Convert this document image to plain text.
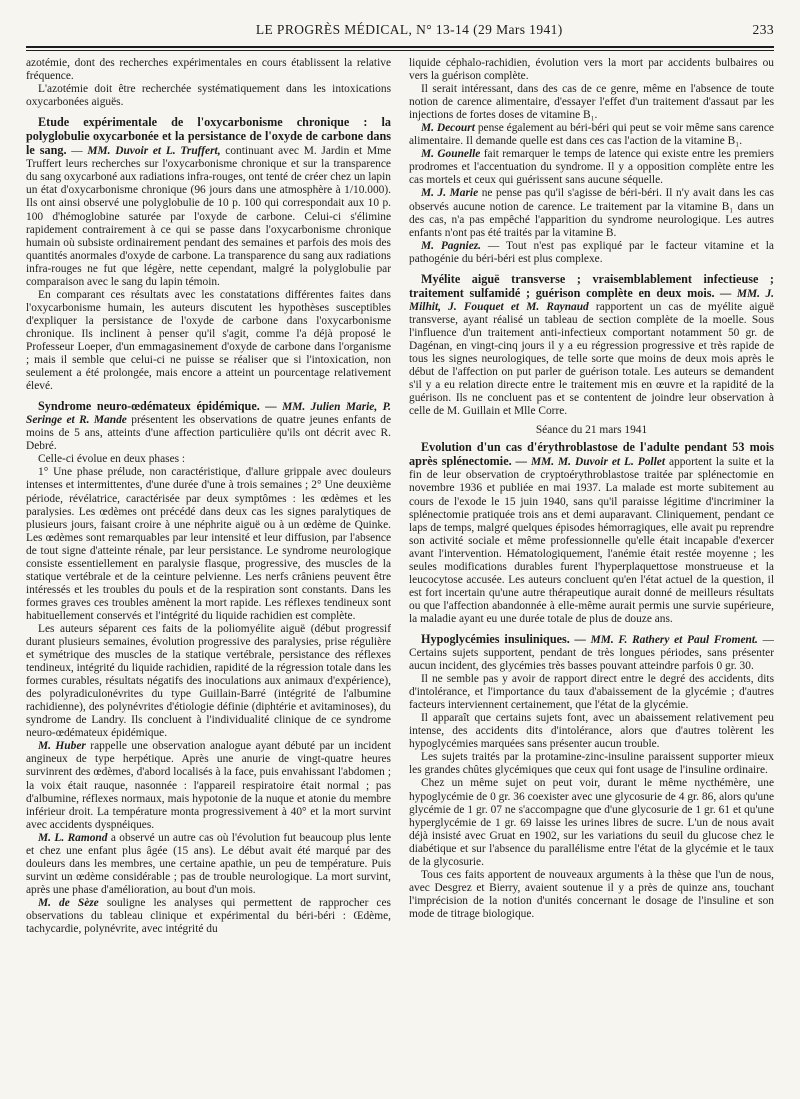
LE PROGRÈS MÉDICAL, N° 13-14 (29 Mars 1941)	233

azotémie, dont des recherches expérimentales en cours établissent la relative fréquence.

L'azotémie doit être recherchée systématiquement dans les intoxications oxycarbonées aiguës.

Etude expérimentale de l'oxycarbonisme chronique : la polyglobulie oxycarbonée et la persistance de l'oxyde de carbone dans le sang. — MM. Duvoir et L. Truffert, continuant avec M. Jardin et Mme Truffert leurs recherches sur l'oxycarbonisme chronique et sur la transparence du sang oxycarboné aux radiations infra-rouges, ont tenté de créer chez un lapin un état d'oxycarbonisme chronique (96 jours dans une atmosphère à 1/10.000). Ils ont ainsi observé une polyglobulie de 10 p. 100 qui correspondait aux 10 p. 100 d'hémoglobine saturée par l'oxyde de carbone. Celui-ci s'élimine rapidement contrairement à ce qui se passe dans l'oxycarbonisme chronique humain où subsiste ordinairement pendant des semaines et parfois des mois des quantités anormales d'oxyde de carbone. La transparence du sang aux radiations infra-rouges ne fut que légère, nette cependant, malgré la polyglobulie par comparaison avec le sang du lapin témoin.

En comparant ces résultats avec les constatations différentes faites dans l'oxycarbonisme humain, les auteurs discutent les hypothèses susceptibles d'expliquer la persistance de l'oxyde de carbone dans l'oxycarbonisme chronique. Ils inclinent à penser qu'il s'agit, comme l'a déjà proposé le Professeur Loeper, d'un emmagasinement d'oxyde de carbone dans l'organisme ; mais il semble que celui-ci ne puisse se réaliser que si l'intoxication, non seulement a été prolongée, mais encore a atteint un pourcentage relativement élevé.

Syndrome neuro-œdémateux épidémique. — MM. Julien Marie, P. Seringe et R. Mande présentent les observations de quatre jeunes enfants de moins de 5 ans, atteints d'une affection particulière qu'ils ont décrit avec R. Debré.

Celle-ci évolue en deux phases :

1° Une phase prélude, non caractéristique, d'allure grippale avec douleurs intenses et intermittentes, d'une durée d'une à trois semaines ; 2° Une deuxième période, révélatrice, caractérisée par deux symptômes : les œdèmes et les paralysies. Les œdèmes ont précédé dans deux cas les signes paralytiques de plusieurs jours, faisant croire à une néphrite aiguë ou à un œdème de Quinke. Les œdèmes sont remarquables par leur intensité et leur diffusion, par l'absence de tout signe d'atteinte rénale, par leur persistance. Le syndrome neurologique consiste essentiellement en paralysie flasque, progressive, des muscles de la statique vertébrale et de la ceinture pelvienne. Les nerfs crâniens peuvent être intéressés et les troubles du pouls et de la respiration sont constants. Dans les formes graves ces troubles amènent la mort rapide. Les réflexes tendineux sont habituellement conservés et l'intégrité du liquide rachidien est complète.

Les auteurs séparent ces faits de la poliomyélite aiguë (début progressif durant plusieurs semaines, évolution progressive des paralysies, prise régulière et symétrique des muscles de la statique vertébrale, persistance des réflexes tendineux, intégrité du liquide rachidien, rapidité de la régression totale dans les formes curables, résultats négatifs des inoculations aux animaux d'expérience), des polyradiculonévrites du type Guillain-Barré (intégrité de l'albumine rachidienne), des polynévrites d'étiologie définie (diphtérie et avitaminoses), du syndrome de Landry. Ils concluent à l'individualité clinique de ce syndrome neuro-œdémateux épidémique.

M. Huber rappelle une observation analogue ayant débuté par un incident angineux de type herpétique. Après une anurie de vingt-quatre heures survinrent des œdèmes, d'abord localisés à la face, puis envahissant l'abdomen ; la voix était rauque, nasonnée : l'appareil respiratoire était normal ; pas d'albumine, réflexes normaux, mais hypotonie de la nuque et atonie du membre inférieur droit. La température monta progressivement à 40° et la mort survint avec accidents dyspnéiques.

M. L. Ramond a observé un autre cas où l'évolution fut beaucoup plus lente et chez une enfant plus âgée (15 ans). Le début avait été marqué par des douleurs dans les membres, une certaine apathie, un peu de température. Puis survint un œdème considérable ; pas de trouble neurologique. La mort survint, après une phase d'amélioration, au bout d'un mois.

M. de Sèze souligne les analyses qui permettent de rapprocher ces observations du tableau clinique et expérimental du béri-béri : Œdème, tachycardie, polynévrite, avec intégrité du

liquide céphalo-rachidien, évolution vers la mort par accidents bulbaires ou vers la guérison complète.

Il serait intéressant, dans des cas de ce genre, même en l'absence de toute notion de carence alimentaire, d'essayer l'effet d'un traitement d'assaut par les injections de fortes doses de vitamine B₁.

M. Decourt pense également au béri-béri qui peut se voir même sans carence alimentaire. Il demande quelle est dans ces cas l'action de la vitamine B₁.

M. Gounelle fait remarquer le temps de latence qui existe entre les premiers prodromes et l'accentuation du syndrome. Il y a opposition complète entre les cas mortels et ceux qui guérissent sans aucune séquelle.

M. J. Marie ne pense pas qu'il s'agisse de béri-béri. Il n'y avait dans les cas observés aucune notion de carence. Le traitement par la vitamine B₁ dans un des cas, n'a pas empêché l'apparition du syndrome neurologique. Les autres enfants n'ont pas été traités par la vitamine B.

M. Pagniez. — Tout n'est pas expliqué par le facteur vitamine et la pathogénie du béri-béri est plus complexe.

Myélite aiguë transverse ; vraisemblablement infectieuse ; traitement sulfamidé ; guérison complète en deux mois. — MM. J. Milhit, J. Fouquet et M. Raynaud rapportent un cas de myélite aiguë transverse, ayant réalisé un tableau de section complète de la moelle. Sous l'influence d'un traitement anti-infectieux comportant notamment 50 gr. de Dagénan, en vingt-cinq jours il y a eu régression progressive et très rapide de tous les signes neurologiques, de telle sorte que moins de deux mois après le début de l'affection on put parler de guérison totale. Les auteurs se demandent s'il y a eu relation directe entre le traitement mis en œuvre et la rapidité de la guérison. Ils ne concluent pas et se contentent de joindre leur observation à celle de M. Guillain et Mlle Corre.

Séance du 21 mars 1941

Evolution d'un cas d'érythroblastose de l'adulte pendant 53 mois après splénectomie. — MM. M. Duvoir et L. Pollet apportent la suite et la fin de leur observation de cryptoérythroblastose traitée par splénectomie en novembre 1936 et publiée en mai 1937. La malade est morte subitement au cours de l'exode le 15 juin 1940, sans qu'il paraisse légitime d'incriminer la splénectomie pratiquée trois ans et demi auparavant. Cliniquement, pendant ce laps de temps, malgré quelques épisodes hémorragiques, elle avait pu reprendre son activité sociale et même professionnelle qu'elle était incapable d'exercer avant l'intervention. Hématologiquement, l'anémie était restée moyenne ; les seules modifications durables furent l'hyperplaquettose monstrueuse et la leucocytose accusée. Les auteurs concluent qu'en l'état actuel de la question, il est fort incertain qu'une autre thérapeutique aurait donné de meilleurs résultats ou que l'affection abandonnée à elle-même aurait permis une survie supérieure, la maladie ayant eu une durée totale de plus de douze ans.

Hypoglycémies insuliniques. — MM. F. Rathery et Paul Froment. — Certains sujets supportent, pendant de très longues périodes, sans présenter aucun incident, des glycémies très basses pouvant atteindre parfois 0 gr. 30.

Il ne semble pas y avoir de rapport direct entre le degré des accidents, dits d'intolérance, et l'importance du taux d'abaissement de la glycémie ; d'autres facteurs interviennent certainement, que l'état de la glycémie.

Il apparaît que certains sujets font, avec un abaissement relativement peu intense, des accidents dits d'intolérance, alors que d'autres tolèrent les hypoglycémies marquées sans présenter aucun trouble.

Les sujets traités par la protamine-zinc-insuline paraissent supporter mieux les grandes chûtes glycémiques que ceux qui font usage de l'insuline ordinaire.

Chez un même sujet on peut voir, durant le même nycthémère, une hypoglycémie de 0 gr. 36 coexister avec une glycosurie de 4 gr. 86, alors qu'une glycémie de 1 gr. 07 ne s'accompagne que d'une glycosurie de 1 gr. 61 et qu'une hyperglycémie de 1 gr. 69 laisse les urines libres de sucre. L'un de nous avait déjà insisté avec Gruat en 1902, sur les variations du seuil du glucose chez le diabétique et sur l'absence du parallélisme entre l'état de la glycémie et le taux de la glycosurie.

Tous ces faits apportent de nouveaux arguments à la thèse que l'un de nous, avec Desgrez et Bierry, avaient soutenue il y a près de quinze ans, touchant l'imprécision de la notion d'unités concernant le dosage de l'insuline et son mode de titrage biologique.
